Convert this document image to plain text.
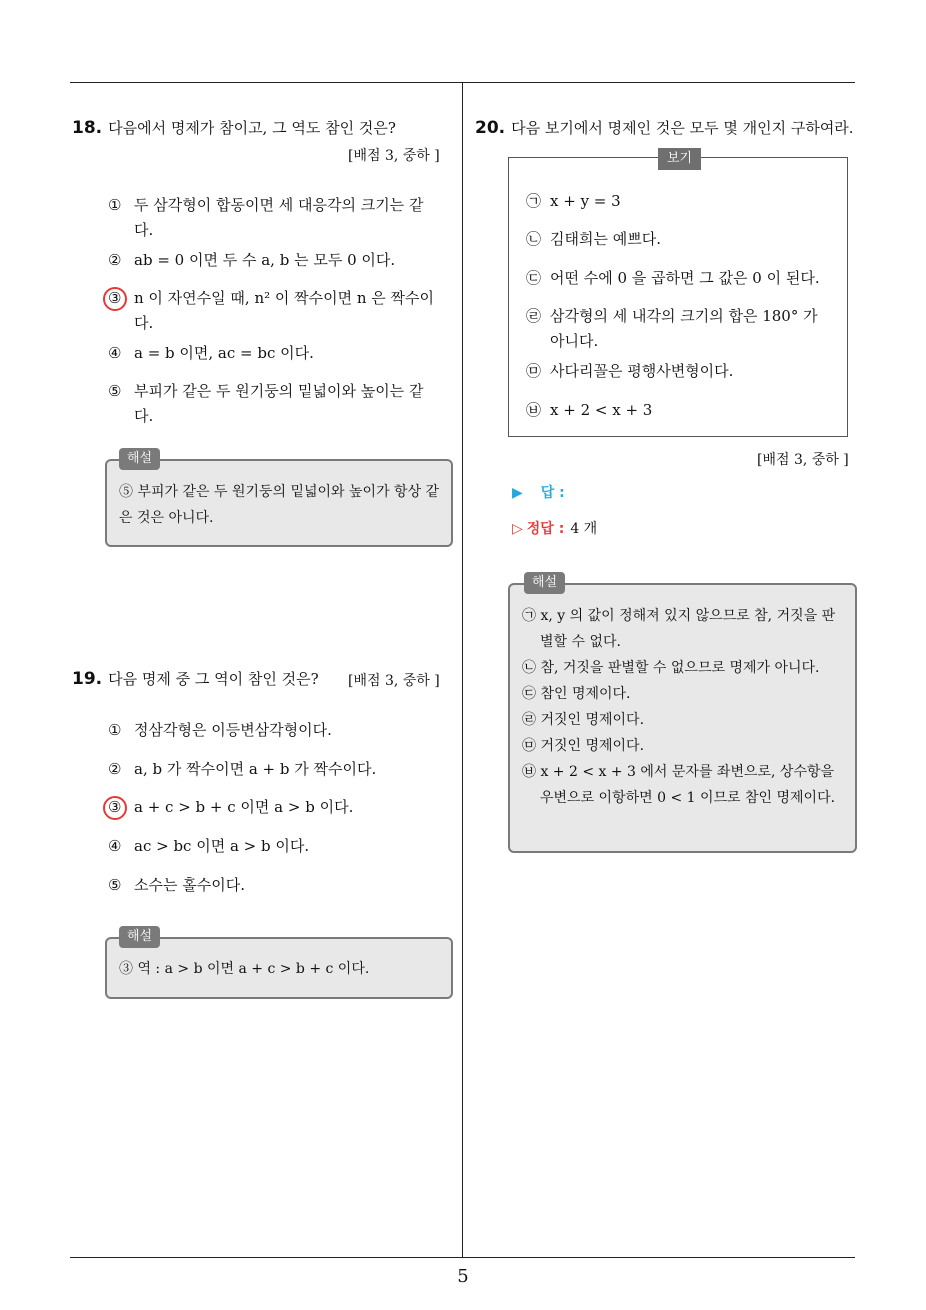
18. 다음에서 명제가 참이고, 그 역도 참인 것은?
[배점 3, 중하 ]
① 두 삼각형이 합동이면 세 대응각의 크기는 같다.
② ab = 0 이면 두 수 a, b 는 모두 0 이다.
③ n 이 자연수일 때, n² 이 짝수이면 n 은 짝수이다.
④ a = b 이면, ac = bc 이다.
⑤ 부피가 같은 두 원기둥의 밑넓이와 높이는 같다.
⑤ 부피가 같은 두 원기둥의 밑넓이와 높이가 항상 같은 것은 아니다.
해설
19. 다음 명제 중 그 역이 참인 것은? [배점 3, 중하 ]
① 정삼각형은 이등변삼각형이다.
② a, b 가 짝수이면 a + b 가 짝수이다.
③ a + c > b + c 이면 a > b 이다.
④ ac > bc 이면 a > b 이다.
⑤ 소수는 홀수이다.
③ 역 : a > b 이면 a + c > b + c 이다.
해설
20. 다음 보기에서 명제인 것은 모두 몇 개인지 구하여라.
보기
㉠ x + y = 3
㉡ 김태희는 예쁘다.
㉢ 어떤 수에 0 을 곱하면 그 값은 0 이 된다.
㉣ 삼각형의 세 내각의 크기의 합은 180° 가 아니다.
㉤ 사다리꼴은 평행사변형이다.
㉥ x + 2 < x + 3
[배점 3, 중하 ]
▶ 답 :
▷ 정답 : 4 개
㉠ x, y 의 값이 정해져 있지 않으므로 참, 거짓을 판별할 수 없다.
㉡ 참, 거짓을 판별할 수 없으므로 명제가 아니다.
㉢ 참인 명제이다.
㉣ 거짓인 명제이다.
㉤ 거짓인 명제이다.
㉥ x + 2 < x + 3 에서 문자를 좌변으로, 상수항을 우변으로 이항하면 0 < 1 이므로 참인 명제이다.
해설
5
